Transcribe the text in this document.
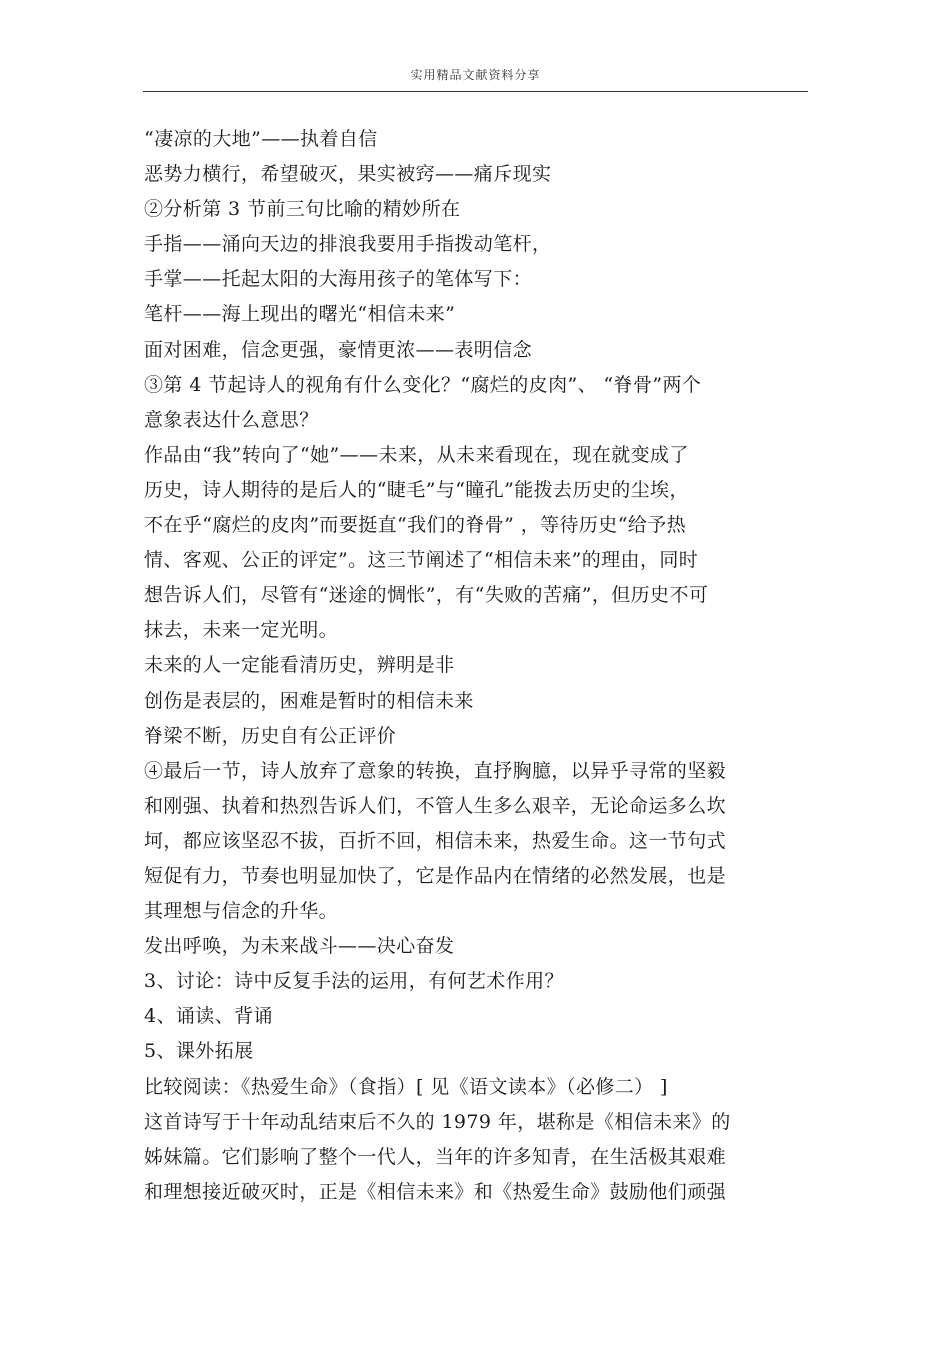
实用精品文献资料分享
“凄凉的大地”——执着自信
恶势力横行，希望破灭，果实被窍——痛斥现实
②分析第 3 节前三句比喻的精妙所在
手指——涌向天边的排浪我要用手指拨动笔杆，
手掌——托起太阳的大海用孩子的笔体写下：
笔杆——海上现出的曙光“相信未来”
面对困难，信念更强，豪情更浓——表明信念
③第 4 节起诗人的视角有什么变化？“腐烂的皮肉”、 “脊骨”两个
意象表达什么意思？
作品由“我”转向了“她”——未来，从未来看现在，现在就变成了
历史，诗人期待的是后人的“睫毛”与“瞳孔”能拨去历史的尘埃，
不在乎“腐烂的皮肉”而要挺直“我们的脊骨” ，等待历史“给予热
情、客观、公正的评定”。这三节阐述了“相信未来”的理由，同时
想告诉人们，尽管有“迷途的惆怅”，有“失败的苦痛”，但历史不可
抹去，未来一定光明。
未来的人一定能看清历史，辨明是非
创伤是表层的，困难是暂时的相信未来
脊梁不断，历史自有公正评价
④最后一节，诗人放弃了意象的转换，直抒胸臆，以异乎寻常的坚毅
和刚强、执着和热烈告诉人们，不管人生多么艰辛，无论命运多么坎
坷，都应该坚忍不拔，百折不回，相信未来，热爱生命。这一节句式
短促有力，节奏也明显加快了，它是作品内在情绪的必然发展，也是
其理想与信念的升华。
发出呼唤，为未来战斗——决心奋发
3、讨论：诗中反复手法的运用，有何艺术作用？
4、诵读、背诵
5、课外拓展
比较阅读：《热爱生命》（食指）[ 见《语文读本》（必修二） ]
这首诗写于十年动乱结束后不久的 1979 年，堪称是《相信未来》的
姊妹篇。它们影响了整个一代人，当年的许多知青，在生活极其艰难
和理想接近破灭时，正是《相信未来》和《热爱生命》鼓励他们顽强
